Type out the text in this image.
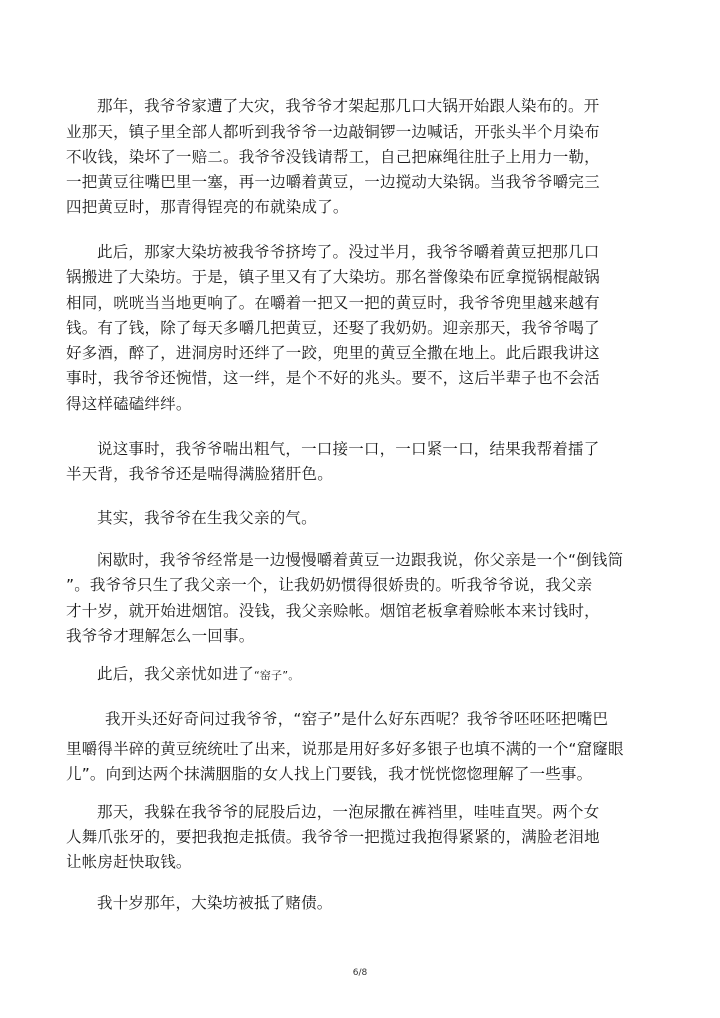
那年，我爷爷家遭了大灾，我爷爷才架起那几口大锅开始跟人染布的。开
业那天，镇子里全部人都听到我爷爷一边敲铜锣一边喊话，开张头半个月染布
不收钱，染坏了一赔二。我爷爷没钱请帮工，自己把麻绳往肚子上用力一勒，
一把黄豆往嘴巴里一塞，再一边嚼着黄豆，一边搅动大染锅。当我爷爷嚼完三
四把黄豆时，那青得锃亮的布就染成了。
此后，那家大染坊被我爷爷挤垮了。没过半月，我爷爷嚼着黄豆把那几口
锅搬进了大染坊。于是，镇子里又有了大染坊。那名誉像染布匠拿搅锅棍敲锅
相同，咣咣当当地更响了。在嚼着一把又一把的黄豆时，我爷爷兜里越来越有
钱。有了钱，除了每天多嚼几把黄豆，还娶了我奶奶。迎亲那天，我爷爷喝了
好多酒，醉了，进洞房时还绊了一跤，兜里的黄豆全撒在地上。此后跟我讲这
事时，我爷爷还惋惜，这一绊，是个不好的兆头。要不，这后半辈子也不会活
得这样磕磕绊绊。
说这事时，我爷爷喘出粗气，一口接一口，一口紧一口，结果我帮着擂了
半天背，我爷爷还是喘得满脸猪肝色。
其实，我爷爷在生我父亲的气。
闲歇时，我爷爷经常是一边慢慢嚼着黄豆一边跟我说，你父亲是一个“倒钱筒
”。我爷爷只生了我父亲一个，让我奶奶惯得很娇贵的。听我爷爷说，我父亲
才十岁，就开始进烟馆。没钱，我父亲赊帐。烟馆老板拿着赊帐本来讨钱时，
我爷爷才理解怎么一回事。
此后，我父亲忧如进了“窑子”。
我开头还好奇问过我爷爷，“窑子”是什么好东西呢？我爷爷呸呸呸把嘴巴
里嚼得半碎的黄豆统统吐了出来，说那是用好多好多银子也填不满的一个“窟窿眼
儿”。向到达两个抹满胭脂的女人找上门要钱，我才恍恍惚惚理解了一些事。
那天，我躲在我爷爷的屁股后边，一泡尿撒在裤裆里，哇哇直哭。两个女
人舞爪张牙的，要把我抱走抵债。我爷爷一把揽过我抱得紧紧的，满脸老泪地
让帐房赶快取钱。
我十岁那年，大染坊被抵了赌债。
6/8
